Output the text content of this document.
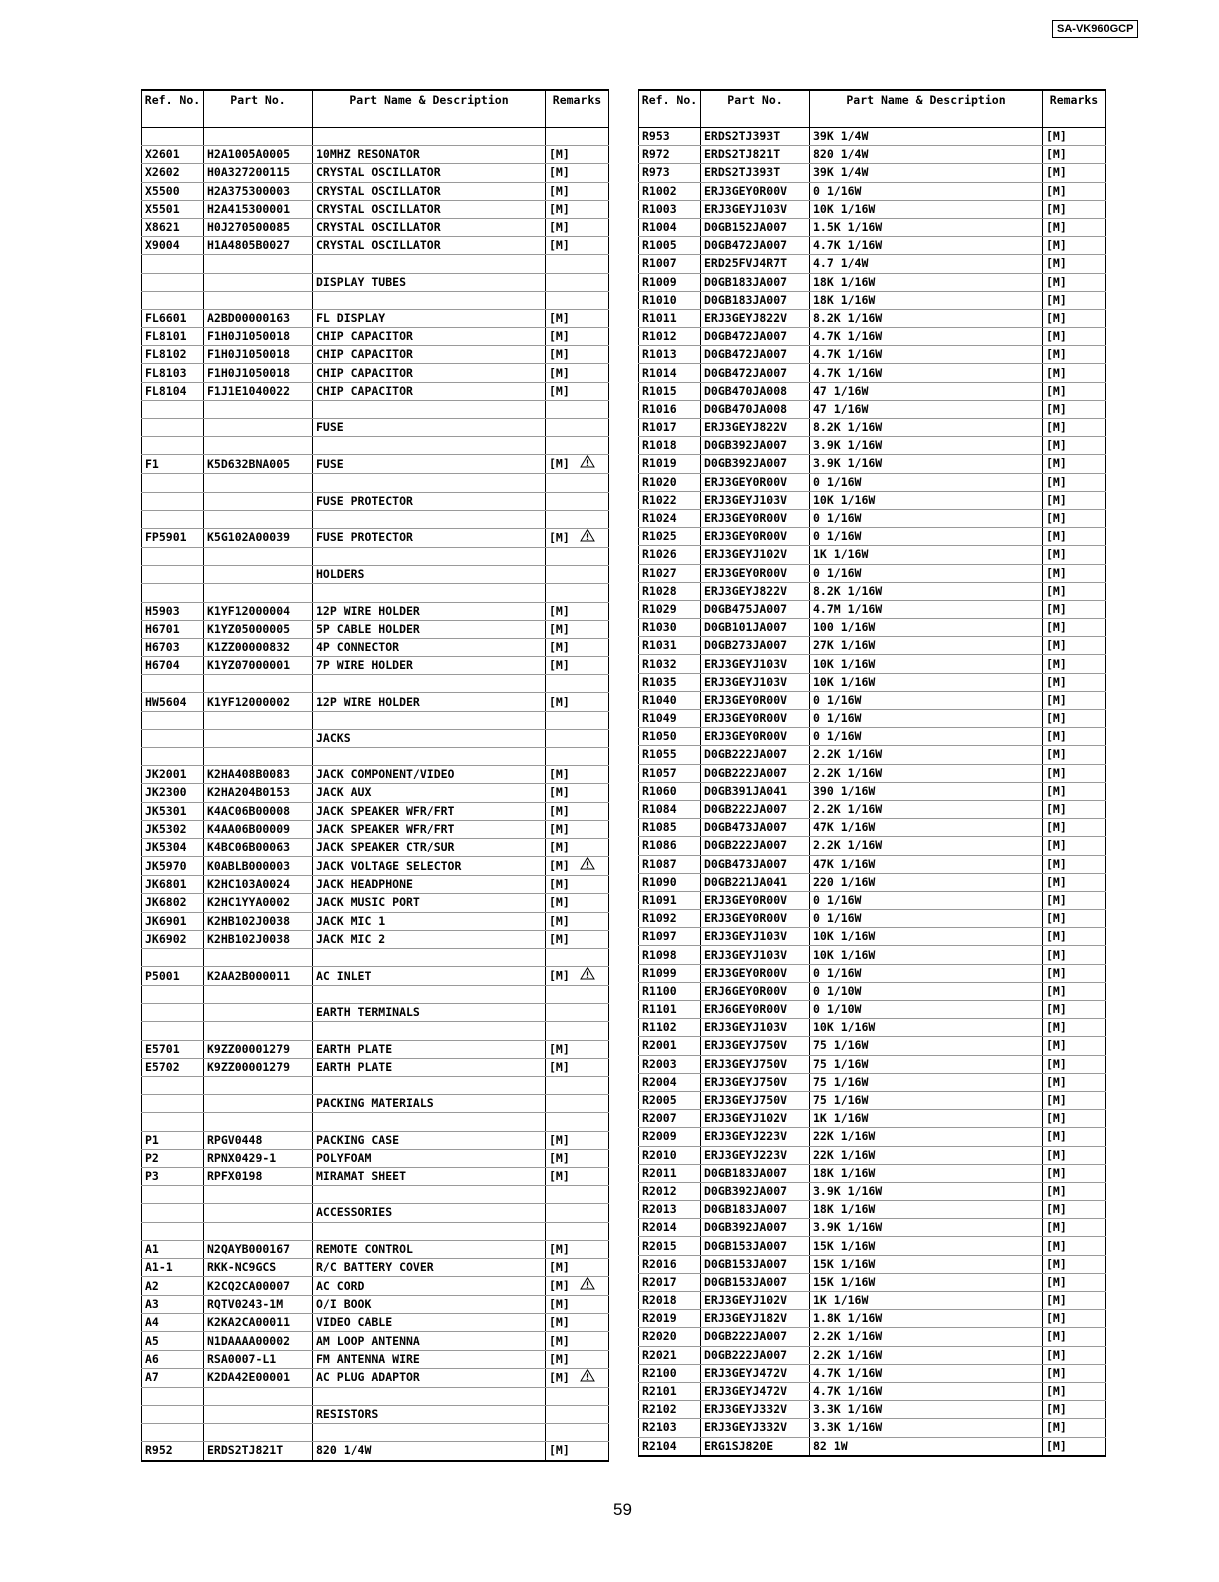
SA-VK960GCP
Ref. No.	Part No.	Part Name & Description	Remarks

X2601	H2A1005A0005	10MHZ RESONATOR	[M]
X2602	H0A327200115	CRYSTAL OSCILLATOR	[M]
X5500	H2A375300003	CRYSTAL OSCILLATOR	[M]
X5501	H2A415300001	CRYSTAL OSCILLATOR	[M]
X8621	H0J270500085	CRYSTAL OSCILLATOR	[M]
X9004	H1A4805B0027	CRYSTAL OSCILLATOR	[M]

		DISPLAY TUBES	

FL6601	A2BD00000163	FL DISPLAY	[M]
FL8101	F1H0J1050018	CHIP CAPACITOR	[M]
FL8102	F1H0J1050018	CHIP CAPACITOR	[M]
FL8103	F1H0J1050018	CHIP CAPACITOR	[M]
FL8104	F1J1E1040022	CHIP CAPACITOR	[M]

		FUSE	

F1	K5D632BNA005	FUSE	[M]

		FUSE PROTECTOR	

FP5901	K5G102A00039	FUSE PROTECTOR	[M]

		HOLDERS	

H5903	K1YF12000004	12P WIRE HOLDER	[M]
H6701	K1YZ05000005	5P CABLE HOLDER	[M]
H6703	K1ZZ00000832	4P CONNECTOR	[M]
H6704	K1YZ07000001	7P WIRE HOLDER	[M]

HW5604	K1YF12000002	12P WIRE HOLDER	[M]

		JACKS	

JK2001	K2HA408B0083	JACK COMPONENT/VIDEO	[M]
JK2300	K2HA204B0153	JACK AUX	[M]
JK5301	K4AC06B00008	JACK SPEAKER WFR/FRT	[M]
JK5302	K4AA06B00009	JACK SPEAKER WFR/FRT	[M]
JK5304	K4BC06B00063	JACK SPEAKER CTR/SUR	[M]
JK5970	K0ABLB000003	JACK VOLTAGE SELECTOR	[M]
JK6801	K2HC103A0024	JACK HEADPHONE	[M]
JK6802	K2HC1YYA0002	JACK MUSIC PORT	[M]
JK6901	K2HB102J0038	JACK MIC 1	[M]
JK6902	K2HB102J0038	JACK MIC 2	[M]

P5001	K2AA2B000011	AC INLET	[M]

		EARTH TERMINALS	

E5701	K9ZZ00001279	EARTH PLATE	[M]
E5702	K9ZZ00001279	EARTH PLATE	[M]

		PACKING MATERIALS	

P1	RPGV0448	PACKING CASE	[M]
P2	RPNX0429-1	POLYFOAM	[M]
P3	RPFX0198	MIRAMAT SHEET	[M]

		ACCESSORIES	

A1	N2QAYB000167	REMOTE CONTROL	[M]
A1-1	RKK-NC9GCS	R/C BATTERY COVER	[M]
A2	K2CQ2CA00007	AC CORD	[M]
A3	RQTV0243-1M	O/I BOOK	[M]
A4	K2KA2CA00011	VIDEO CABLE	[M]
A5	N1DAAAA00002	AM LOOP ANTENNA	[M]
A6	RSA0007-L1	FM ANTENNA WIRE	[M]
A7	K2DA42E00001	AC PLUG ADAPTOR	[M]

		RESISTORS	

R952	ERDS2TJ821T	820 1/4W	[M]
Ref. No.	Part No.	Part Name & Description	Remarks
R953	ERDS2TJ393T	39K 1/4W	[M]
R972	ERDS2TJ821T	820 1/4W	[M]
R973	ERDS2TJ393T	39K 1/4W	[M]
R1002	ERJ3GEY0R00V	0 1/16W	[M]
R1003	ERJ3GEYJ103V	10K 1/16W	[M]
R1004	D0GB152JA007	1.5K 1/16W	[M]
R1005	D0GB472JA007	4.7K 1/16W	[M]
R1007	ERD25FVJ4R7T	4.7 1/4W	[M]
R1009	D0GB183JA007	18K 1/16W	[M]
R1010	D0GB183JA007	18K 1/16W	[M]
R1011	ERJ3GEYJ822V	8.2K 1/16W	[M]
R1012	D0GB472JA007	4.7K 1/16W	[M]
R1013	D0GB472JA007	4.7K 1/16W	[M]
R1014	D0GB472JA007	4.7K 1/16W	[M]
R1015	D0GB470JA008	47 1/16W	[M]
R1016	D0GB470JA008	47 1/16W	[M]
R1017	ERJ3GEYJ822V	8.2K 1/16W	[M]
R1018	D0GB392JA007	3.9K 1/16W	[M]
R1019	D0GB392JA007	3.9K 1/16W	[M]
R1020	ERJ3GEY0R00V	0 1/16W	[M]
R1022	ERJ3GEYJ103V	10K 1/16W	[M]
R1024	ERJ3GEY0R00V	0 1/16W	[M]
R1025	ERJ3GEY0R00V	0 1/16W	[M]
R1026	ERJ3GEYJ102V	1K 1/16W	[M]
R1027	ERJ3GEY0R00V	0 1/16W	[M]
R1028	ERJ3GEYJ822V	8.2K 1/16W	[M]
R1029	D0GB475JA007	4.7M 1/16W	[M]
R1030	D0GB101JA007	100 1/16W	[M]
R1031	D0GB273JA007	27K 1/16W	[M]
R1032	ERJ3GEYJ103V	10K 1/16W	[M]
R1035	ERJ3GEYJ103V	10K 1/16W	[M]
R1040	ERJ3GEY0R00V	0 1/16W	[M]
R1049	ERJ3GEY0R00V	0 1/16W	[M]
R1050	ERJ3GEY0R00V	0 1/16W	[M]
R1055	D0GB222JA007	2.2K 1/16W	[M]
R1057	D0GB222JA007	2.2K 1/16W	[M]
R1060	D0GB391JA041	390 1/16W	[M]
R1084	D0GB222JA007	2.2K 1/16W	[M]
R1085	D0GB473JA007	47K 1/16W	[M]
R1086	D0GB222JA007	2.2K 1/16W	[M]
R1087	D0GB473JA007	47K 1/16W	[M]
R1090	D0GB221JA041	220 1/16W	[M]
R1091	ERJ3GEY0R00V	0 1/16W	[M]
R1092	ERJ3GEY0R00V	0 1/16W	[M]
R1097	ERJ3GEYJ103V	10K 1/16W	[M]
R1098	ERJ3GEYJ103V	10K 1/16W	[M]
R1099	ERJ3GEY0R00V	0 1/16W	[M]
R1100	ERJ6GEY0R00V	0 1/10W	[M]
R1101	ERJ6GEY0R00V	0 1/10W	[M]
R1102	ERJ3GEYJ103V	10K 1/16W	[M]
R2001	ERJ3GEYJ750V	75 1/16W	[M]
R2003	ERJ3GEYJ750V	75 1/16W	[M]
R2004	ERJ3GEYJ750V	75 1/16W	[M]
R2005	ERJ3GEYJ750V	75 1/16W	[M]
R2007	ERJ3GEYJ102V	1K 1/16W	[M]
R2009	ERJ3GEYJ223V	22K 1/16W	[M]
R2010	ERJ3GEYJ223V	22K 1/16W	[M]
R2011	D0GB183JA007	18K 1/16W	[M]
R2012	D0GB392JA007	3.9K 1/16W	[M]
R2013	D0GB183JA007	18K 1/16W	[M]
R2014	D0GB392JA007	3.9K 1/16W	[M]
R2015	D0GB153JA007	15K 1/16W	[M]
R2016	D0GB153JA007	15K 1/16W	[M]
R2017	D0GB153JA007	15K 1/16W	[M]
R2018	ERJ3GEYJ102V	1K 1/16W	[M]
R2019	ERJ3GEYJ182V	1.8K 1/16W	[M]
R2020	D0GB222JA007	2.2K 1/16W	[M]
R2021	D0GB222JA007	2.2K 1/16W	[M]
R2100	ERJ3GEYJ472V	4.7K 1/16W	[M]
R2101	ERJ3GEYJ472V	4.7K 1/16W	[M]
R2102	ERJ3GEYJ332V	3.3K 1/16W	[M]
R2103	ERJ3GEYJ332V	3.3K 1/16W	[M]
R2104	ERG1SJ820E	82 1W	[M]
59
